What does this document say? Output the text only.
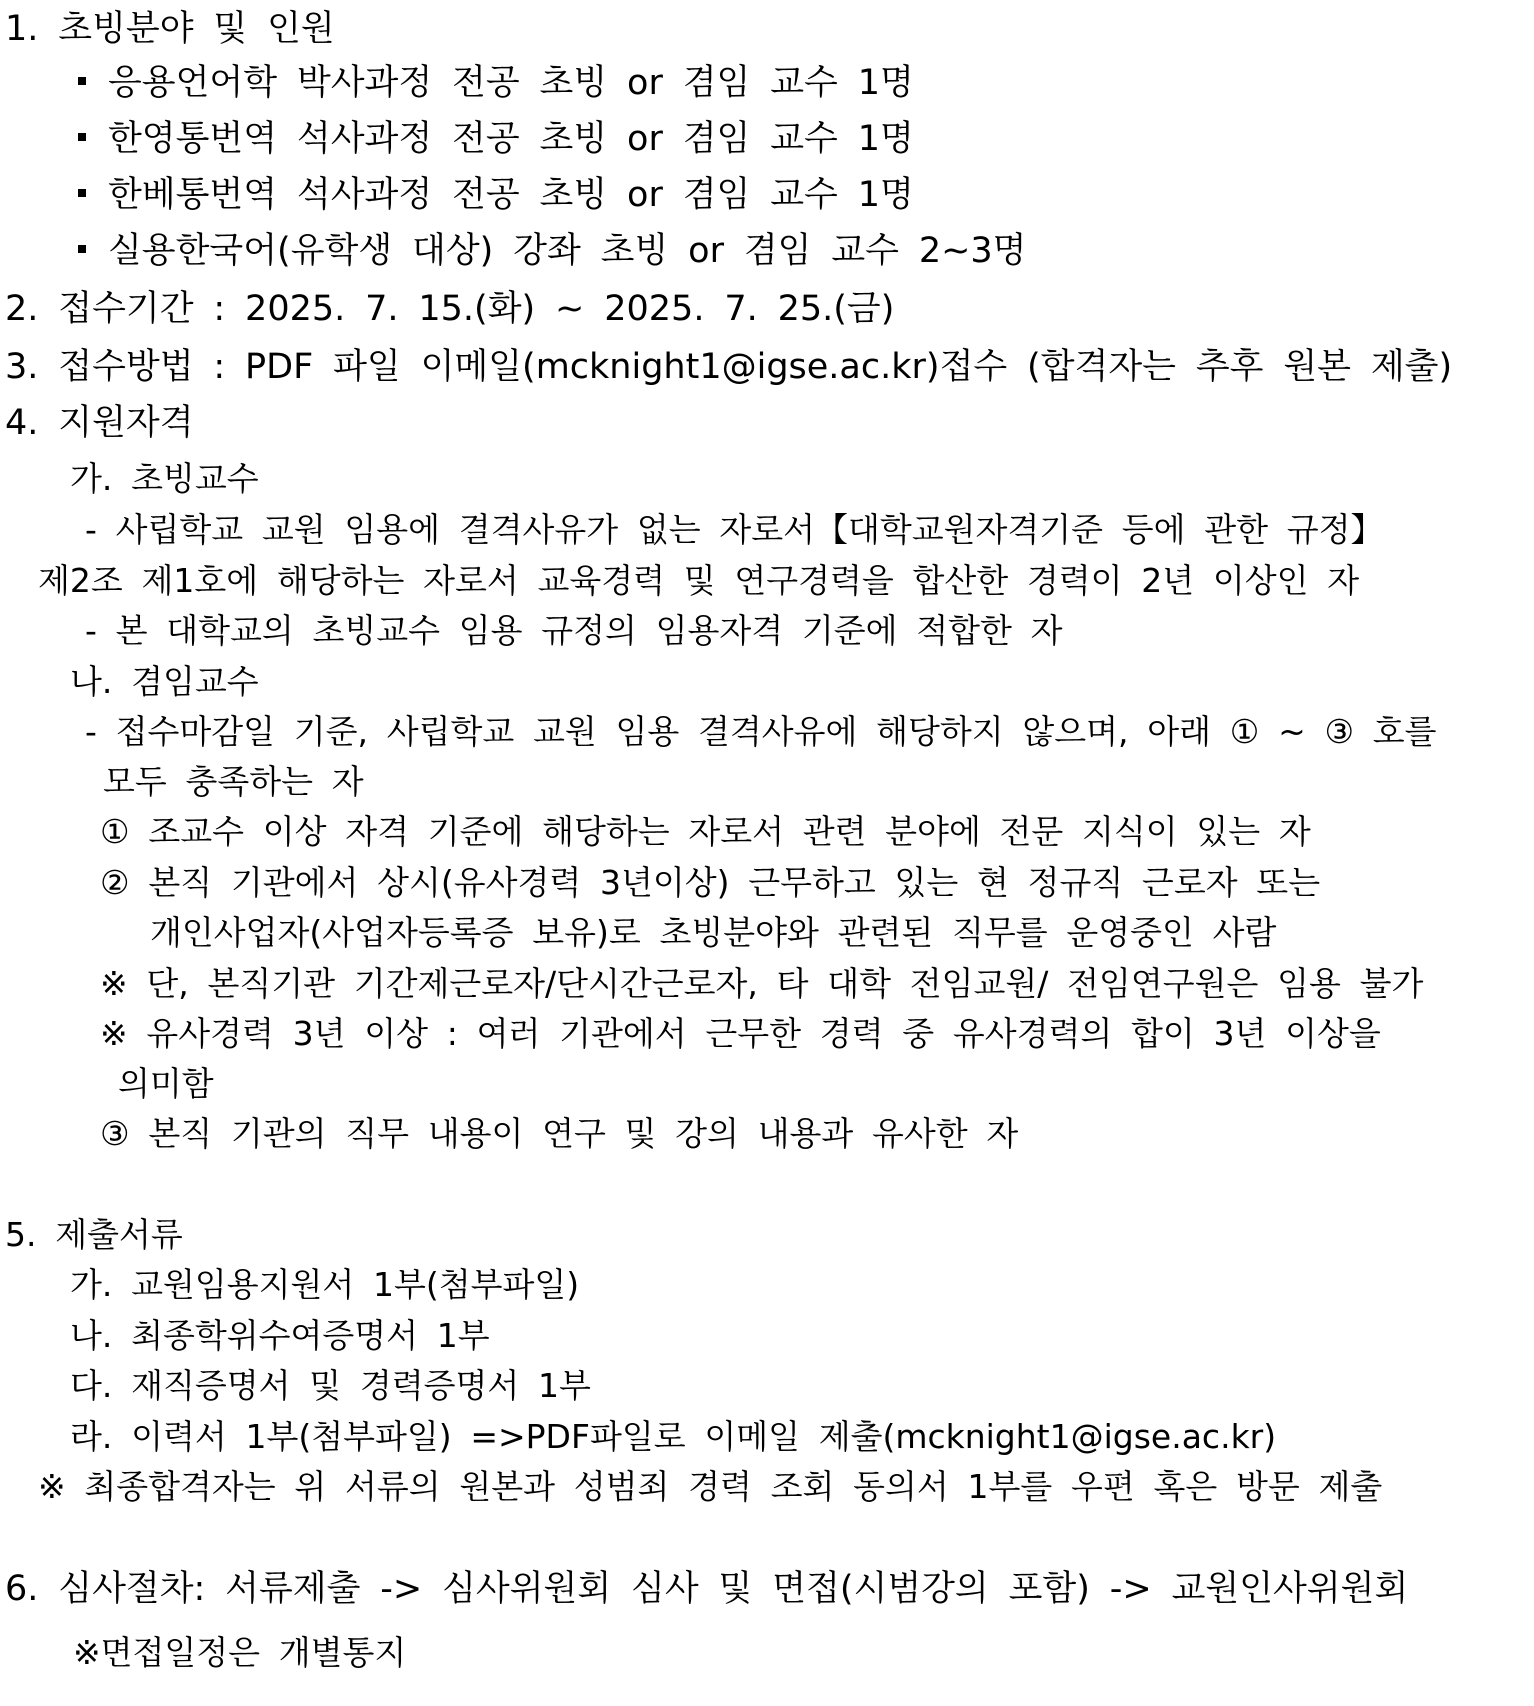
1. 초빙분야 및 인원
응용언어학 박사과정 전공 초빙 or 겸임 교수 1명
한영통번역 석사과정 전공 초빙 or 겸임 교수 1명
한베통번역 석사과정 전공 초빙 or 겸임 교수 1명
실용한국어(유학생 대상) 강좌 초빙 or 겸임 교수 2~3명
2. 접수기간 : 2025. 7. 15.(화) ~ 2025. 7. 25.(금)
3. 접수방법 : PDF 파일 이메일(mcknight1@igse.ac.kr)접수 (합격자는 추후 원본 제출)
4. 지원자격
가. 초빙교수
- 사립학교 교원 임용에 결격사유가 없는 자로서【대학교원자격기준 등에 관한 규정】
제2조 제1호에 해당하는 자로서 교육경력 및 연구경력을 합산한 경력이 2년 이상인 자
- 본 대학교의 초빙교수 임용 규정의 임용자격 기준에 적합한 자
나. 겸임교수
- 접수마감일 기준, 사립학교 교원 임용 결격사유에 해당하지 않으며, 아래 ① ~ ③ 호를
모두 충족하는 자
① 조교수 이상 자격 기준에 해당하는 자로서 관련 분야에 전문 지식이 있는 자
② 본직 기관에서 상시(유사경력 3년이상) 근무하고 있는 현 정규직 근로자 또는
개인사업자(사업자등록증 보유)로 초빙분야와 관련된 직무를 운영중인 사람
※ 단, 본직기관 기간제근로자/단시간근로자, 타 대학 전임교원/ 전임연구원은 임용 불가
※ 유사경력 3년 이상 : 여러 기관에서 근무한 경력 중 유사경력의 합이 3년 이상을
의미함
③ 본직 기관의 직무 내용이 연구 및 강의 내용과 유사한 자
5. 제출서류
가. 교원임용지원서 1부(첨부파일)
나. 최종학위수여증명서 1부
다. 재직증명서 및 경력증명서 1부
라. 이력서 1부(첨부파일) =>PDF파일로 이메일 제출(mcknight1@igse.ac.kr)
※ 최종합격자는 위 서류의 원본과 성범죄 경력 조회 동의서 1부를 우편 혹은 방문 제출
6. 심사절차: 서류제출 -> 심사위원회 심사 및 면접(시범강의 포함) -> 교원인사위원회
※면접일정은 개별통지
